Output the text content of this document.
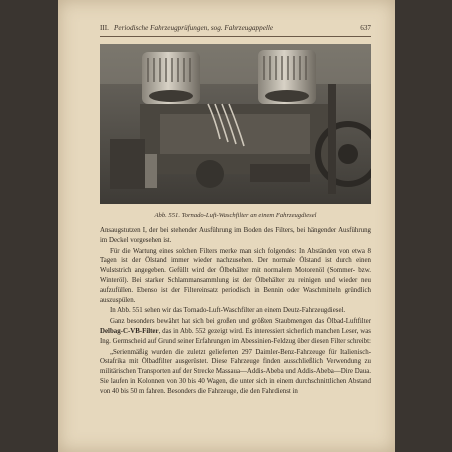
III. Periodische Fahrzeugprüfungen, sog. Fahrzeugappelle	637
Abb. 551. Tornado-Luft-Waschfilter an einem Fahrzeugdiesel

Ansaugstutzen I, der bei stehender Ausführung im Boden des Filters, bei hängender Ausführung im Deckel vorgesehen ist.

Für die Wartung eines solchen Filters merke man sich folgendes: In Abständen von etwa 8 Tagen ist der Ölstand immer wieder nachzusehen. Der normale Ölstand ist durch einen Wulststrich angegeben. Gefüllt wird der Ölbehälter mit normalem Motorenöl (Sommer- bzw. Winteröl). Bei starker Schlammansammlung ist der Ölbehälter zu reinigen und wieder neu aufzufüllen. Ebenso ist der Filtereinsatz periodisch in Bennin oder Waschmitteln gründlich auszuspülen.

In Abb. 551 sehen wir das Tornado-Luft-Waschfilter an einem Deutz-Fahrzeugdiesel.

Ganz besonders bewährt hat sich bei großen und größten Staubmengen das Ölbad-Luftfilter Delbag-C-VB-Filter, das in Abb. 552 gezeigt wird. Es interessiert sicherlich manchen Leser, was Ing. Germscheid auf Grund seiner Erfahrungen im Abessinien-Feldzug über diesen Filter schreibt:

„Serienmäßig wurden die zuletzt gelieferten 297 Daimler-Benz-Fahrzeuge für Italienisch-Ostafrika mit Ölbadfilter ausgerüstet. Diese Fahrzeuge finden ausschließlich Verwendung zu militärischen Transporten auf der Strecke Massaua—Addis-Abeba und Addis-Abeba—Dire Daua. Sie laufen in Kolonnen von 30 bis 40 Wagen, die unter sich in einem durchschnittlichen Abstand von 40 bis 50 m fahren. Besonders die Fahrzeuge, die den Fahrdienst in
